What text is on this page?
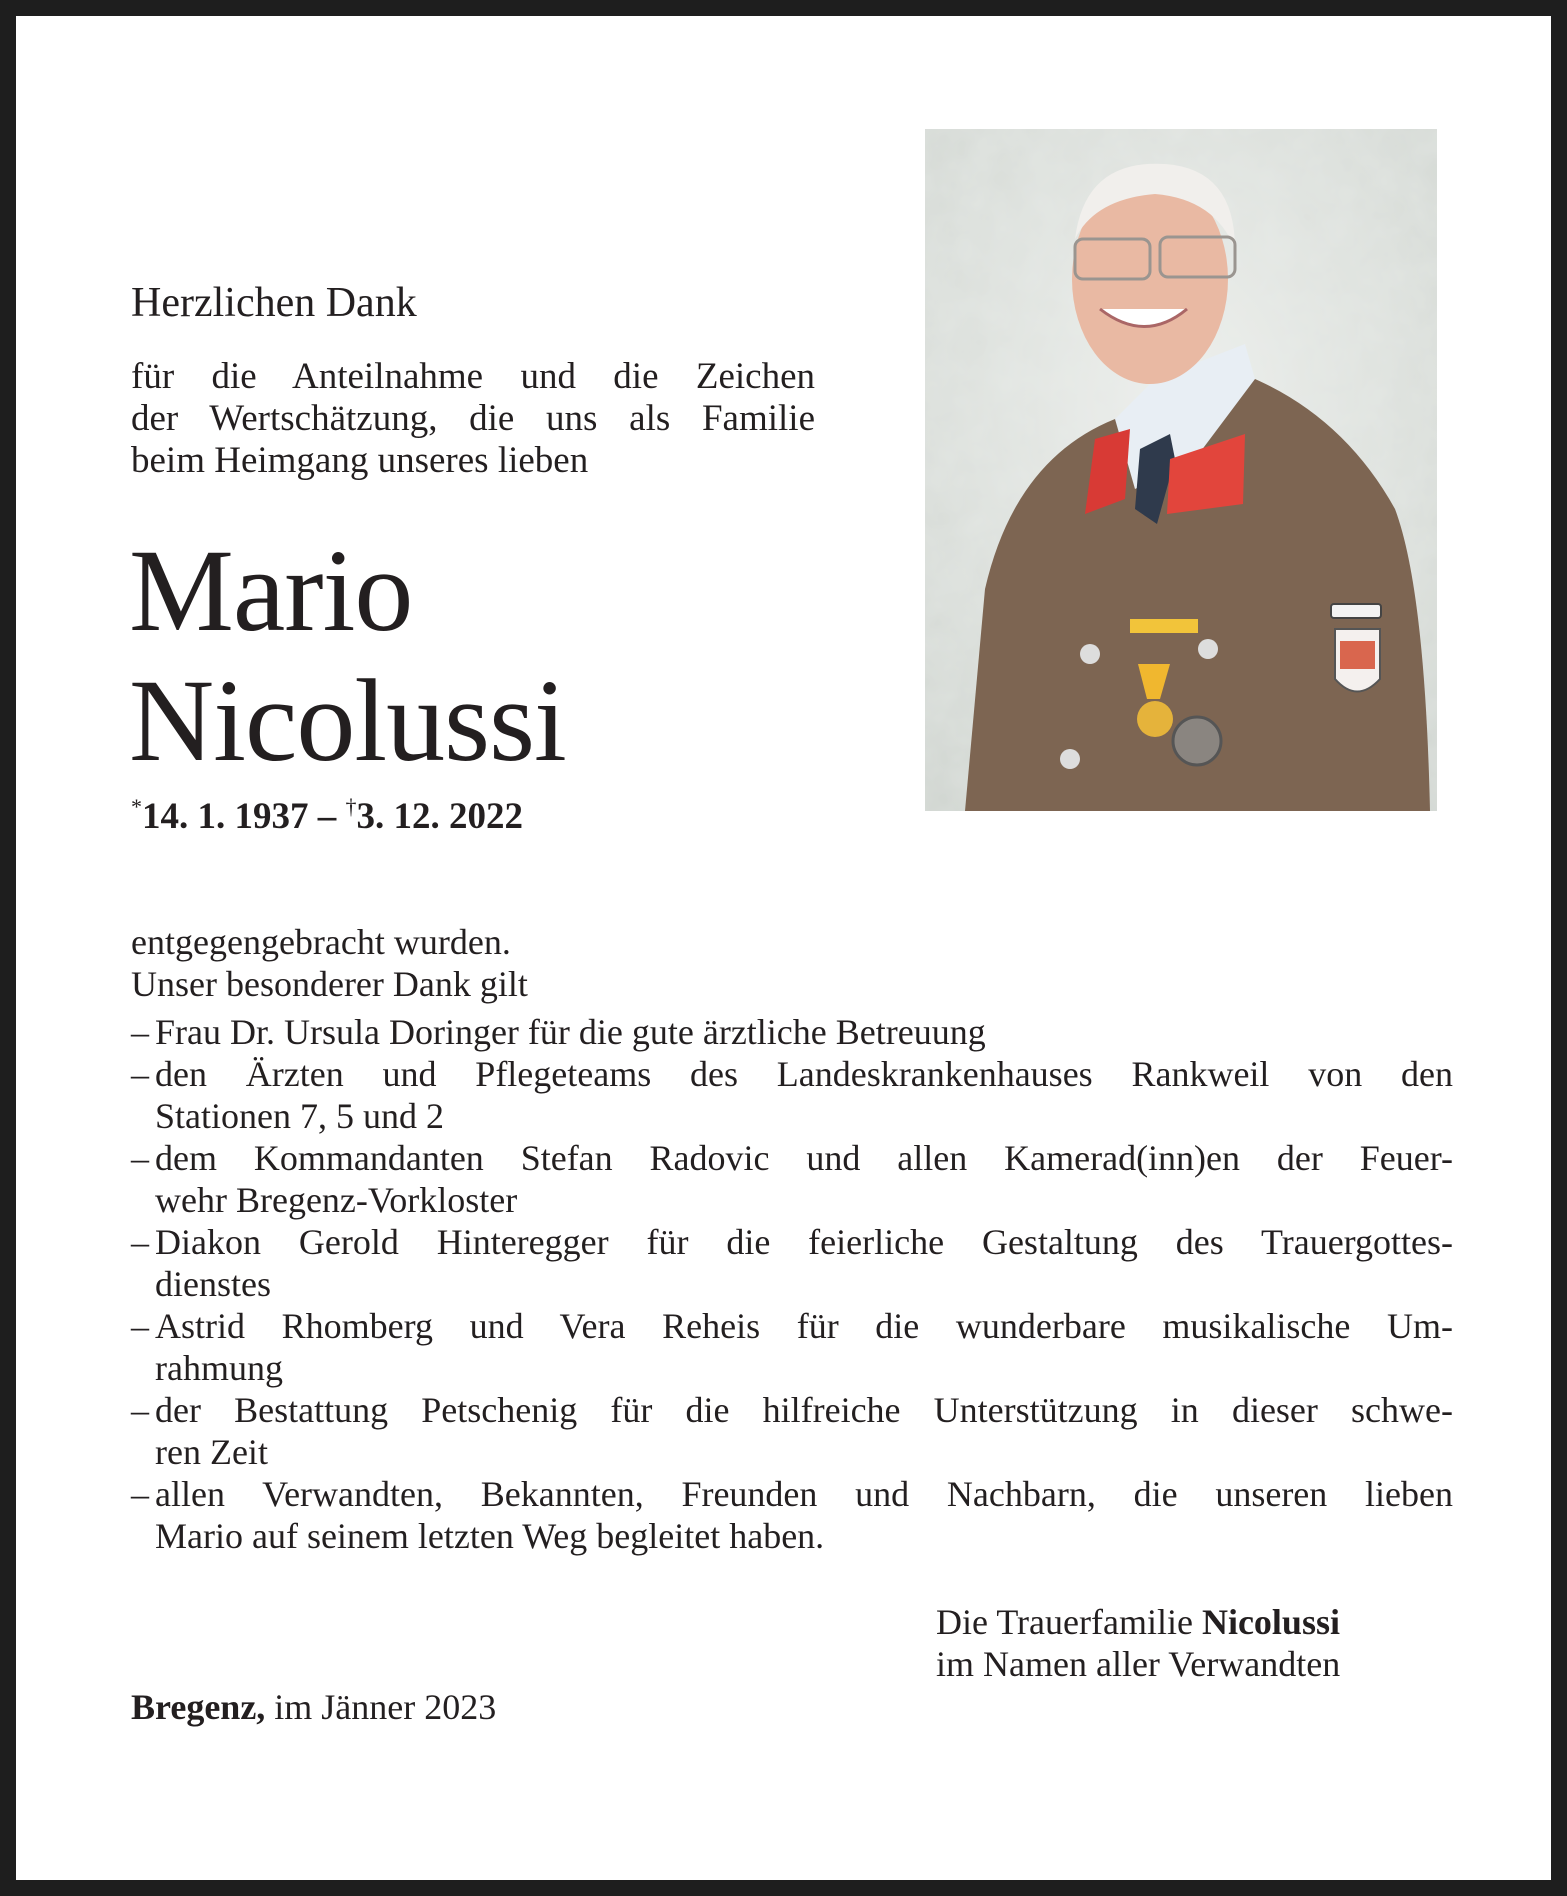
Herzlichen Dank
für die Anteilnahme und die Zeichen
der Wertschätzung, die uns als Familie
beim Heimgang unseres lieben
Mario
Nicolussi
*14. 1. 1937 – †3. 12. 2022
entgegengebracht wurden.
Unser besonderer Dank gilt
– Frau Dr. Ursula Doringer für die gute ärztliche Betreuung
– den Ärzten und Pflegeteams des Landeskrankenhauses Rankweil von den
Stationen 7, 5 und 2
– dem Kommandanten Stefan Radovic und allen Kamerad(inn)en der Feuer-
wehr Bregenz-Vorkloster
– Diakon Gerold Hinteregger für die feierliche Gestaltung des Trauergottes-
dienstes
– Astrid Rhomberg und Vera Reheis für die wunderbare musikalische Um-
rahmung
– der Bestattung Petschenig für die hilfreiche Unterstützung in dieser schwe-
ren Zeit
– allen Verwandten, Bekannten, Freunden und Nachbarn, die unseren lieben
Mario auf seinem letzten Weg begleitet haben.
Die Trauerfamilie Nicolussi
im Namen aller Verwandten
Bregenz, im Jänner 2023
